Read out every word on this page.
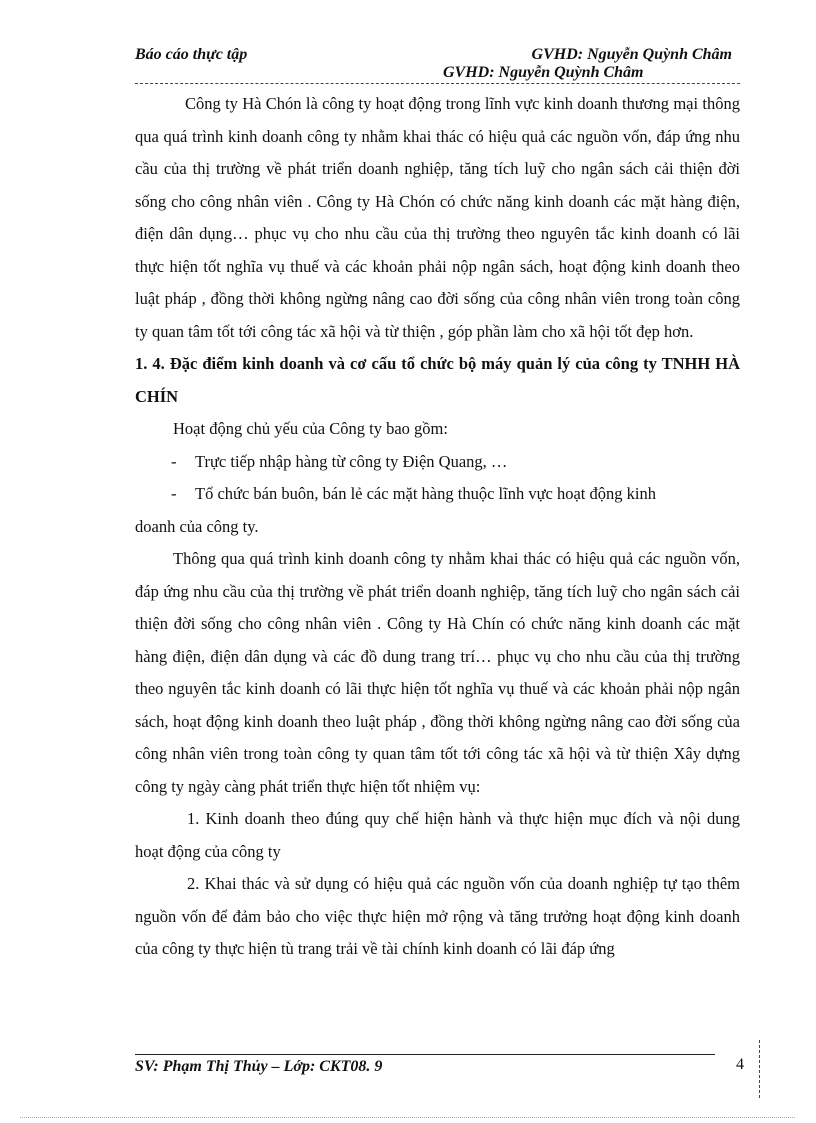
Báo cáo thực tập	GVHD: Nguyễn Quỳnh Châm
GVHD: Nguyễn Quỳnh Châm

Công ty Hà Chón là công ty hoạt động trong lĩnh vực kinh doanh thương mại thông qua quá trình kinh doanh công ty nhằm khai thác có hiệu quả các nguồn vốn, đáp ứng nhu cầu của thị trường về phát triển doanh nghiệp, tăng tích luỹ cho ngân sách cải thiện đời sống cho công nhân viên . Công ty Hà Chón có chức năng kinh doanh các mặt hàng điện, điện dân dụng… phục vụ cho nhu cầu của thị trường theo nguyên tắc kinh doanh có lãi thực hiện tốt nghĩa vụ thuế và các khoản phải nộp ngân sách, hoạt động kinh doanh theo luật pháp , đồng thời không ngừng nâng cao đời sống của công nhân viên trong toàn công ty quan tâm tốt tới công tác xã hội và từ thiện , góp phần làm cho xã hội tốt đẹp hơn.

1. 4. Đặc điểm kinh doanh và cơ cấu tổ chức bộ máy quản lý của công ty TNHH HÀ CHÍN

Hoạt động chủ yếu của Công ty bao gồm:

- Trực tiếp nhập hàng từ công ty Điện Quang, …

- Tổ chức bán buôn, bán lẻ các mặt hàng thuộc lĩnh vực hoạt động kinh

doanh của công ty.

Thông qua quá trình kinh doanh công ty nhằm khai thác có hiệu quả các nguồn vốn, đáp ứng nhu cầu của thị trường về phát triển doanh nghiệp, tăng tích luỹ cho ngân sách cải thiện đời sống cho công nhân viên . Công ty Hà Chín có chức năng kinh doanh các mặt hàng điện, điện dân dụng và các đồ dung trang trí… phục vụ cho nhu cầu của thị trường theo nguyên tắc kinh doanh có lãi thực hiện tốt nghĩa vụ thuế và các khoản phải nộp ngân sách, hoạt động kinh doanh theo luật pháp , đồng thời không ngừng nâng cao đời sống của công nhân viên trong toàn công ty quan tâm tốt tới công tác xã hội và từ thiện Xây dựng công ty ngày càng phát triển thực hiện tốt nhiệm vụ:

1. Kinh doanh theo đúng quy chế hiện hành và thực hiện mục đích và nội dung hoạt động của công ty

2. Khai thác và sử dụng có hiệu quả các nguồn vốn của doanh nghiệp tự tạo thêm nguồn vốn để đảm bảo cho việc thực hiện mở rộng và tăng trưởng hoạt động kinh doanh của công ty thực hiện tù trang trải về tài chính kinh doanh có lãi đáp ứng

SV: Phạm Thị Thủy – Lớp: CKT08. 9	4
